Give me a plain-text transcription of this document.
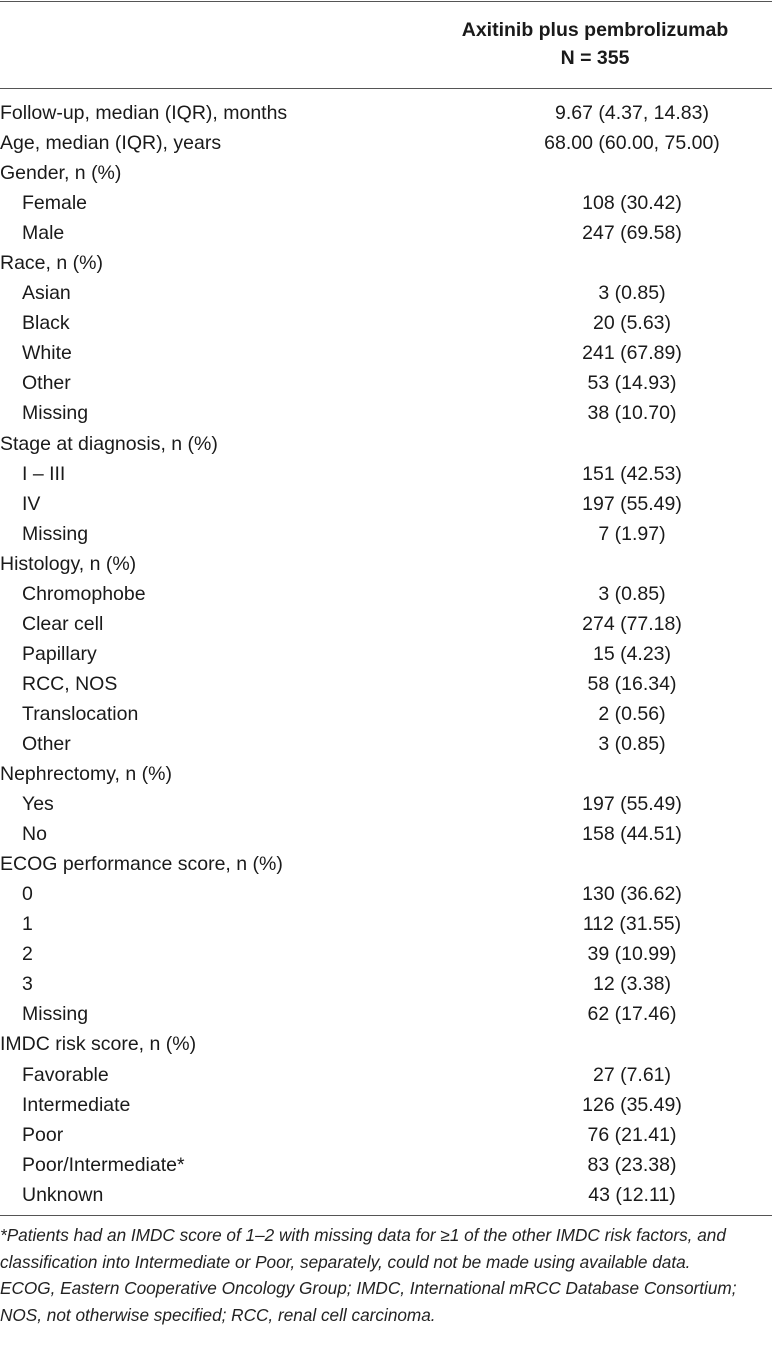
Axitinib plus pembrolizumab
N = 355
Follow-up, median (IQR), months	9.67 (4.37, 14.83)
Age, median (IQR), years	68.00 (60.00, 75.00)
Gender, n (%)
Female	108 (30.42)
Male	247 (69.58)
Race, n (%)
Asian	3 (0.85)
Black	20 (5.63)
White	241 (67.89)
Other	53 (14.93)
Missing	38 (10.70)
Stage at diagnosis, n (%)
I – III	151 (42.53)
IV	197 (55.49)
Missing	7 (1.97)
Histology, n (%)
Chromophobe	3 (0.85)
Clear cell	274 (77.18)
Papillary	15 (4.23)
RCC, NOS	58 (16.34)
Translocation	2 (0.56)
Other	3 (0.85)
Nephrectomy, n (%)
Yes	197 (55.49)
No	158 (44.51)
ECOG performance score, n (%)
0	130 (36.62)
1	112 (31.55)
2	39 (10.99)
3	12 (3.38)
Missing	62 (17.46)
IMDC risk score, n (%)
Favorable	27 (7.61)
Intermediate	126 (35.49)
Poor	76 (21.41)
Poor/Intermediate*	83 (23.38)
Unknown	43 (12.11)

*Patients had an IMDC score of 1–2 with missing data for ≥1 of the other IMDC risk factors, and classification into Intermediate or Poor, separately, could not be made using available data.

ECOG, Eastern Cooperative Oncology Group; IMDC, International mRCC Database Consortium; NOS, not otherwise specified; RCC, renal cell carcinoma.
